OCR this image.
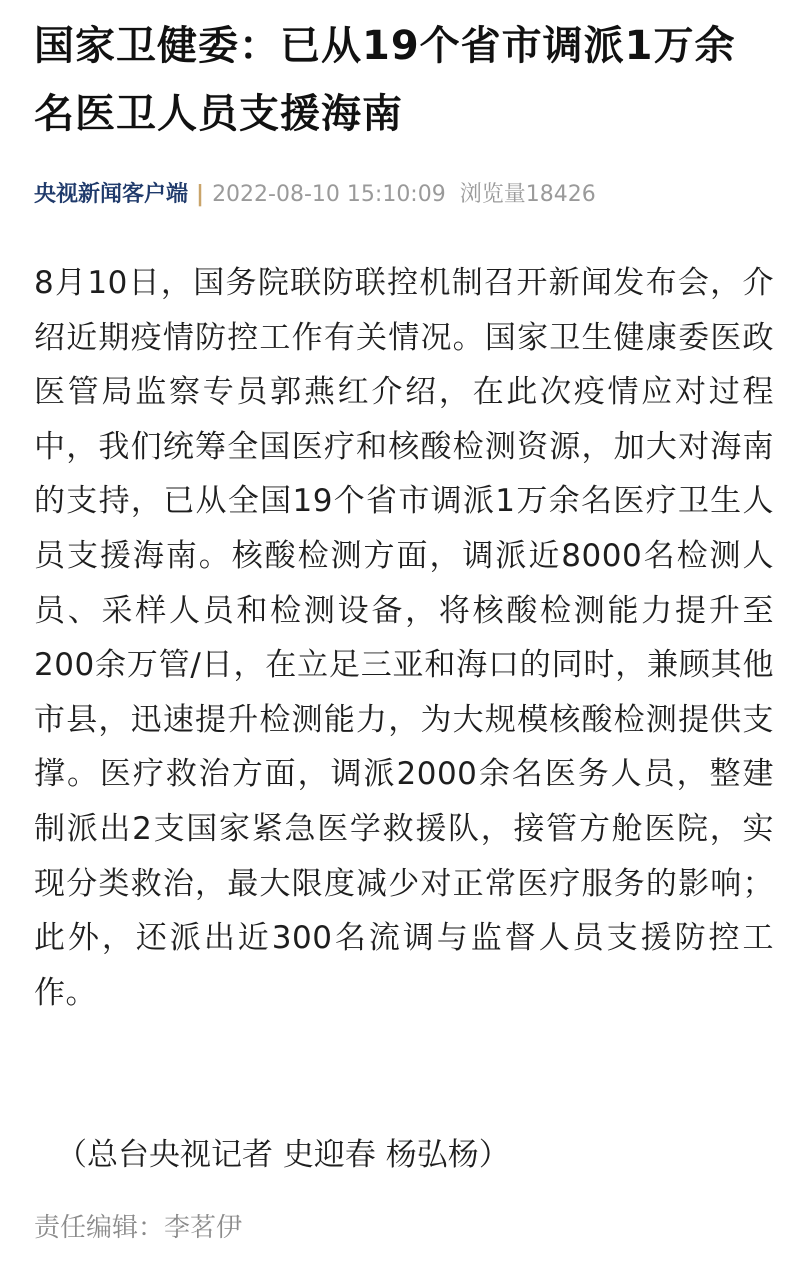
国家卫健委：已从19个省市调派1万余名医卫人员支援海南
央视新闻客户端 | 2022-08-10 15:10:09 浏览量18426

8月10日，国务院联防联控机制召开新闻发布会，介绍近期疫情防控工作有关情况。国家卫生健康委医政医管局监察专员郭燕红介绍，在此次疫情应对过程中，我们统筹全国医疗和核酸检测资源，加大对海南的支持，已从全国19个省市调派1万余名医疗卫生人员支援海南。核酸检测方面，调派近8000名检测人员、采样人员和检测设备，将核酸检测能力提升至200余万管/日，在立足三亚和海口的同时，兼顾其他市县，迅速提升检测能力，为大规模核酸检测提供支撑。医疗救治方面，调派2000余名医务人员，整建制派出2支国家紧急医学救援队，接管方舱医院，实现分类救治，最大限度减少对正常医疗服务的影响；此外，还派出近300名流调与监督人员支援防控工作。

（总台央视记者 史迎春 杨弘杨）
责任编辑：李茗伊
